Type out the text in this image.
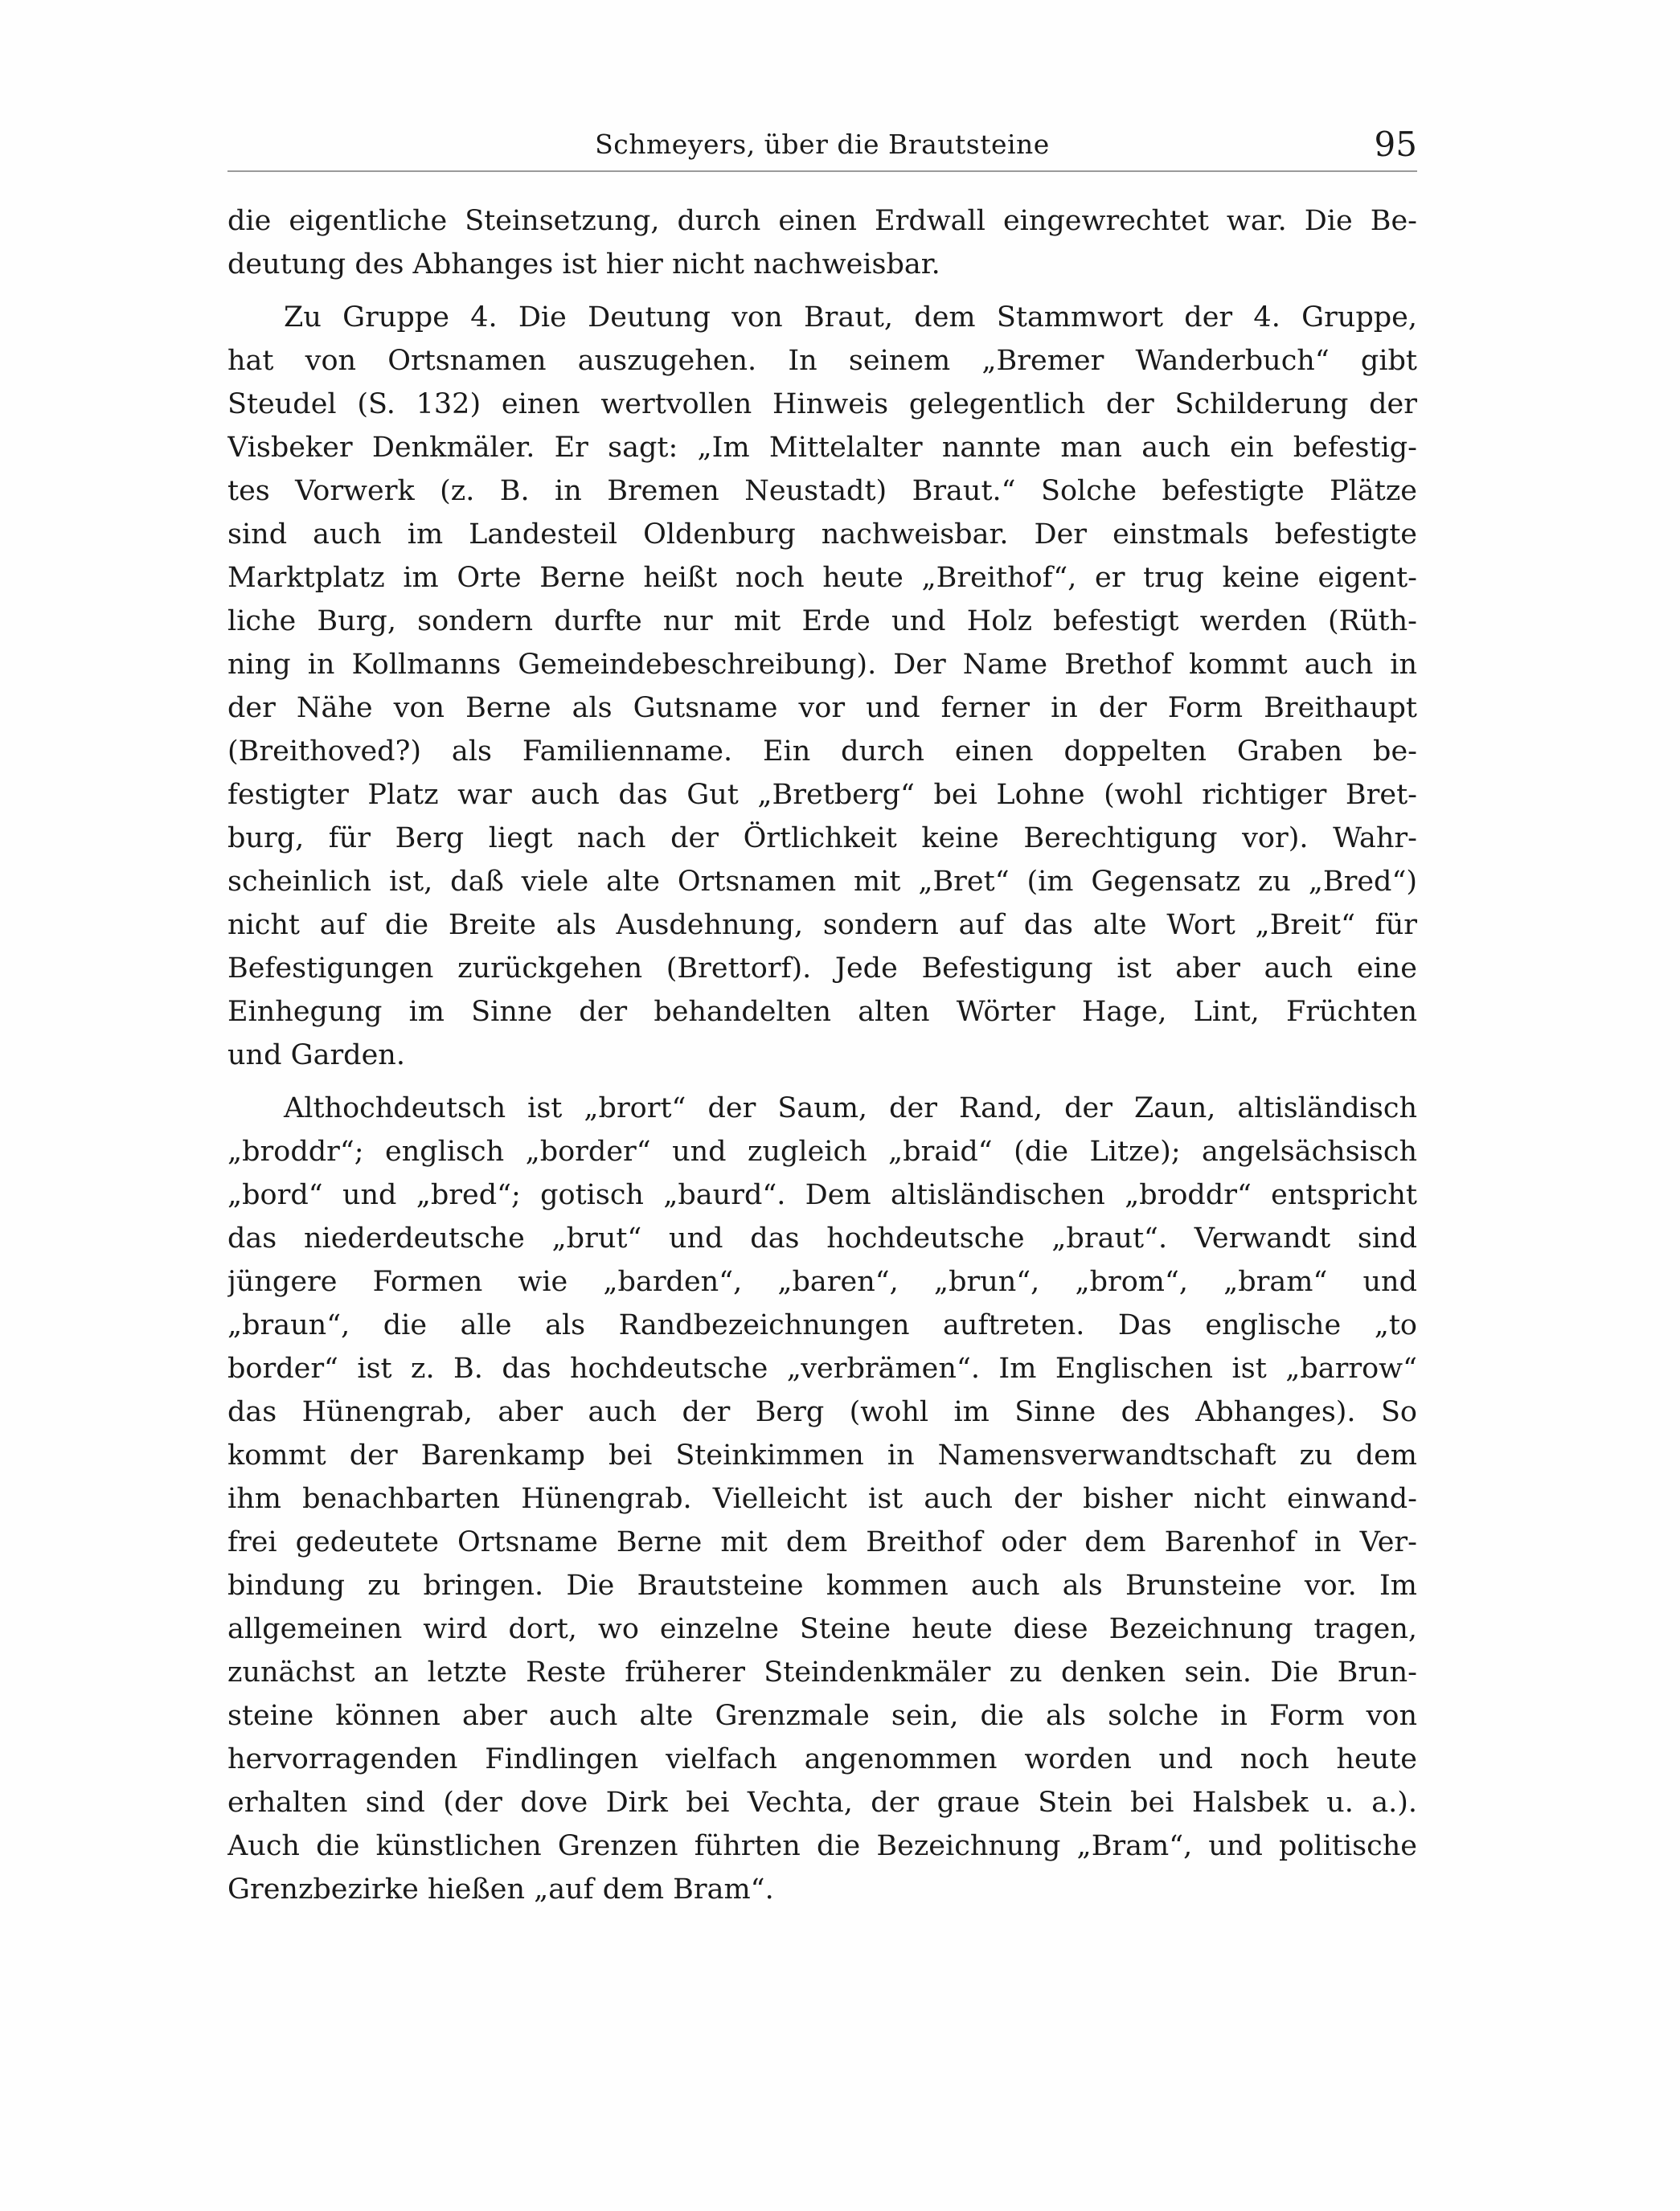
Schmeyers, über die Brautsteine	95
die eigentliche Steinsetzung, durch einen Erdwall eingewrechtet war. Die Be-
deutung des Abhanges ist hier nicht nachweisbar.
Zu Gruppe 4. Die Deutung von Braut, dem Stammwort der 4. Gruppe,
hat von Ortsnamen auszugehen. In seinem „Bremer Wanderbuch“ gibt
Steudel (S. 132) einen wertvollen Hinweis gelegentlich der Schilderung der
Visbeker Denkmäler. Er sagt: „Im Mittelalter nannte man auch ein befestig-
tes Vorwerk (z. B. in Bremen Neustadt) Braut.“ Solche befestigte Plätze
sind auch im Landesteil Oldenburg nachweisbar. Der einstmals befestigte
Marktplatz im Orte Berne heißt noch heute „Breithof“, er trug keine eigent-
liche Burg, sondern durfte nur mit Erde und Holz befestigt werden (Rüth-
ning in Kollmanns Gemeindebeschreibung). Der Name Brethof kommt auch in
der Nähe von Berne als Gutsname vor und ferner in der Form Breithaupt
(Breithoved?) als Familienname. Ein durch einen doppelten Graben be-
festigter Platz war auch das Gut „Bretberg“ bei Lohne (wohl richtiger Bret-
burg, für Berg liegt nach der Örtlichkeit keine Berechtigung vor). Wahr-
scheinlich ist, daß viele alte Ortsnamen mit „Bret“ (im Gegensatz zu „Bred“)
nicht auf die Breite als Ausdehnung, sondern auf das alte Wort „Breit“ für
Befestigungen zurückgehen (Brettorf). Jede Befestigung ist aber auch eine
Einhegung im Sinne der behandelten alten Wörter Hage, Lint, Früchten
und Garden.
Althochdeutsch ist „brort“ der Saum, der Rand, der Zaun, altisländisch
„broddr“; englisch „border“ und zugleich „braid“ (die Litze); angelsächsisch
„bord“ und „bred“; gotisch „baurd“. Dem altisländischen „broddr“ entspricht
das niederdeutsche „brut“ und das hochdeutsche „braut“. Verwandt sind
jüngere Formen wie „barden“, „baren“, „brun“, „brom“, „bram“ und
„braun“, die alle als Randbezeichnungen auftreten. Das englische „to
border“ ist z. B. das hochdeutsche „verbrämen“. Im Englischen ist „barrow“
das Hünengrab, aber auch der Berg (wohl im Sinne des Abhanges). So
kommt der Barenkamp bei Steinkimmen in Namensverwandtschaft zu dem
ihm benachbarten Hünengrab. Vielleicht ist auch der bisher nicht einwand-
frei gedeutete Ortsname Berne mit dem Breithof oder dem Barenhof in Ver-
bindung zu bringen. Die Brautsteine kommen auch als Brunsteine vor. Im
allgemeinen wird dort, wo einzelne Steine heute diese Bezeichnung tragen,
zunächst an letzte Reste früherer Steindenkmäler zu denken sein. Die Brun-
steine können aber auch alte Grenzmale sein, die als solche in Form von
hervorragenden Findlingen vielfach angenommen worden und noch heute
erhalten sind (der dove Dirk bei Vechta, der graue Stein bei Halsbek u. a.).
Auch die künstlichen Grenzen führten die Bezeichnung „Bram“, und politische
Grenzbezirke hießen „auf dem Bram“.
